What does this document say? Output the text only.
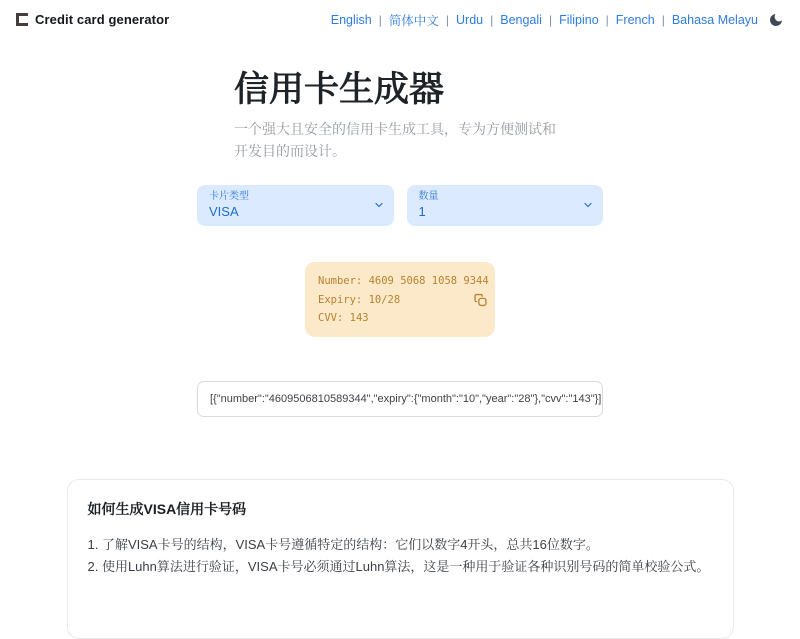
Credit card generator	English | 简体中文 | Urdu | Bengali | Filipino | French | Bahasa Melayu
信用卡生成器

一个强大且安全的信用卡生成工具，专为方便测试和开发目的而设计。

卡片类型
VISA
数量
1
Number: 4609 5068 1058 9344
Expiry: 10/28
CVV: 143
[{"number":"4609506810589344","expiry":{"month":"10","year":"28"},"cvv":"143"}]
如何生成VISA信用卡号码

1. 了解VISA卡号的结构，VISA卡号遵循特定的结构：它们以数字4开头，总共16位数字。

2. 使用Luhn算法进行验证，VISA卡号必须通过Luhn算法，这是一种用于验证各种识别号码的简单校验公式。
